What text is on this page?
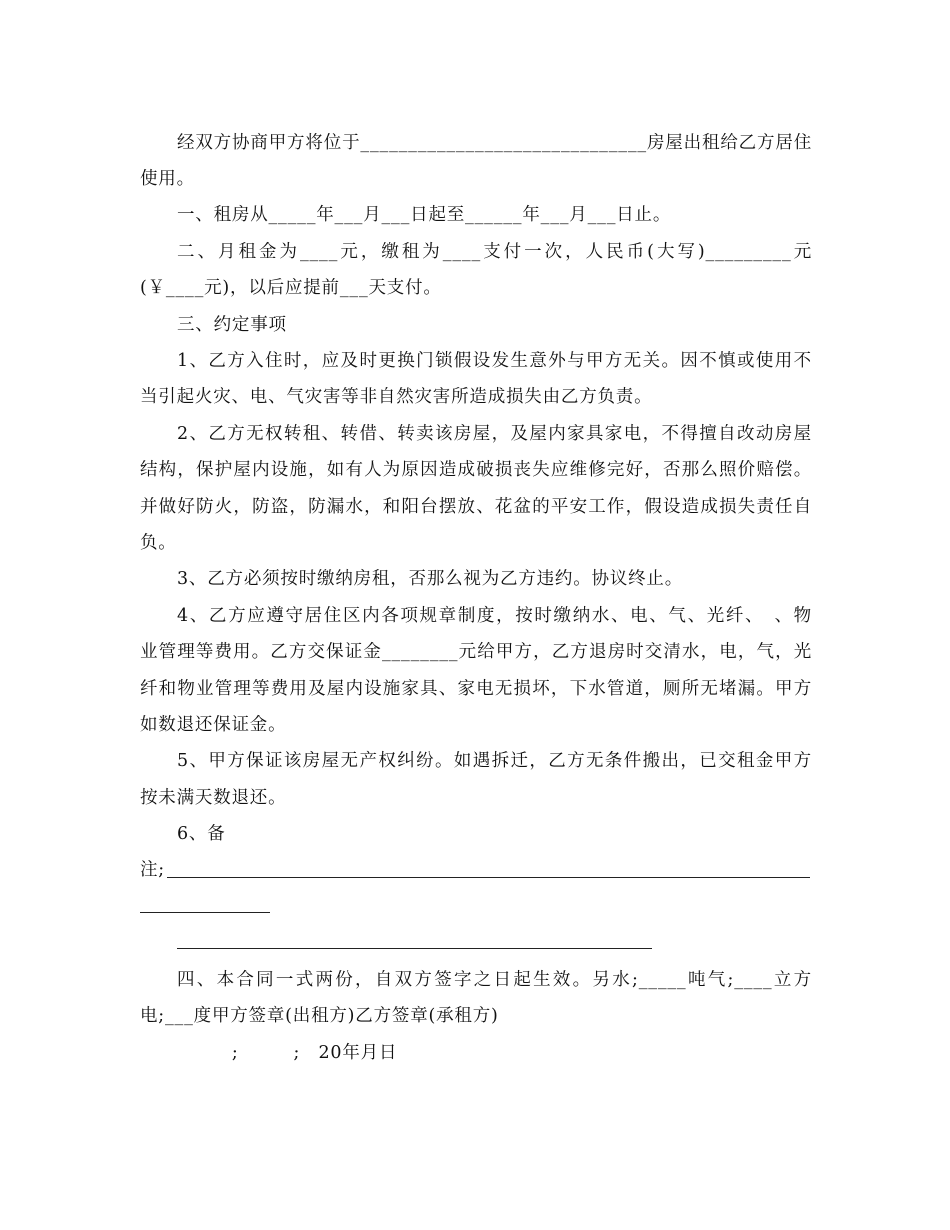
经双方协商甲方将位于______________________________房屋出租给乙方居住
使用。
一、租房从_____年___月___日起至______年___月___日止。
二、月租金为____元，缴租为____支付一次，人民币(大写)_________元
(￥____元)，以后应提前___天支付。
三、约定事项
1、乙方入住时，应及时更换门锁假设发生意外与甲方无关。因不慎或使用不
当引起火灾、电、气灾害等非自然灾害所造成损失由乙方负责。
2、乙方无权转租、转借、转卖该房屋，及屋内家具家电，不得擅自改动房屋
结构，保护屋内设施，如有人为原因造成破损丧失应维修完好，否那么照价赔偿。
并做好防火，防盗，防漏水，和阳台摆放、花盆的平安工作，假设造成损失责任自
负。
3、乙方必须按时缴纳房租，否那么视为乙方违约。协议终止。
4、乙方应遵守居住区内各项规章制度，按时缴纳水、电、气、光纤、　、物
业管理等费用。乙方交保证金________元给甲方，乙方退房时交清水，电，气，光
纤和物业管理等费用及屋内设施家具、家电无损坏，下水管道，厕所无堵漏。甲方
如数退还保证金。
5、甲方保证该房屋无产权纠纷。如遇拆迁，乙方无条件搬出，已交租金甲方
按未满天数退还。
6、备
注;
四、本合同一式两份，自双方签字之日起生效。另水;_____吨气;____立方
电;___度甲方签章(出租方)乙方签章(承租方)
　　　;　　　;　20年月日
